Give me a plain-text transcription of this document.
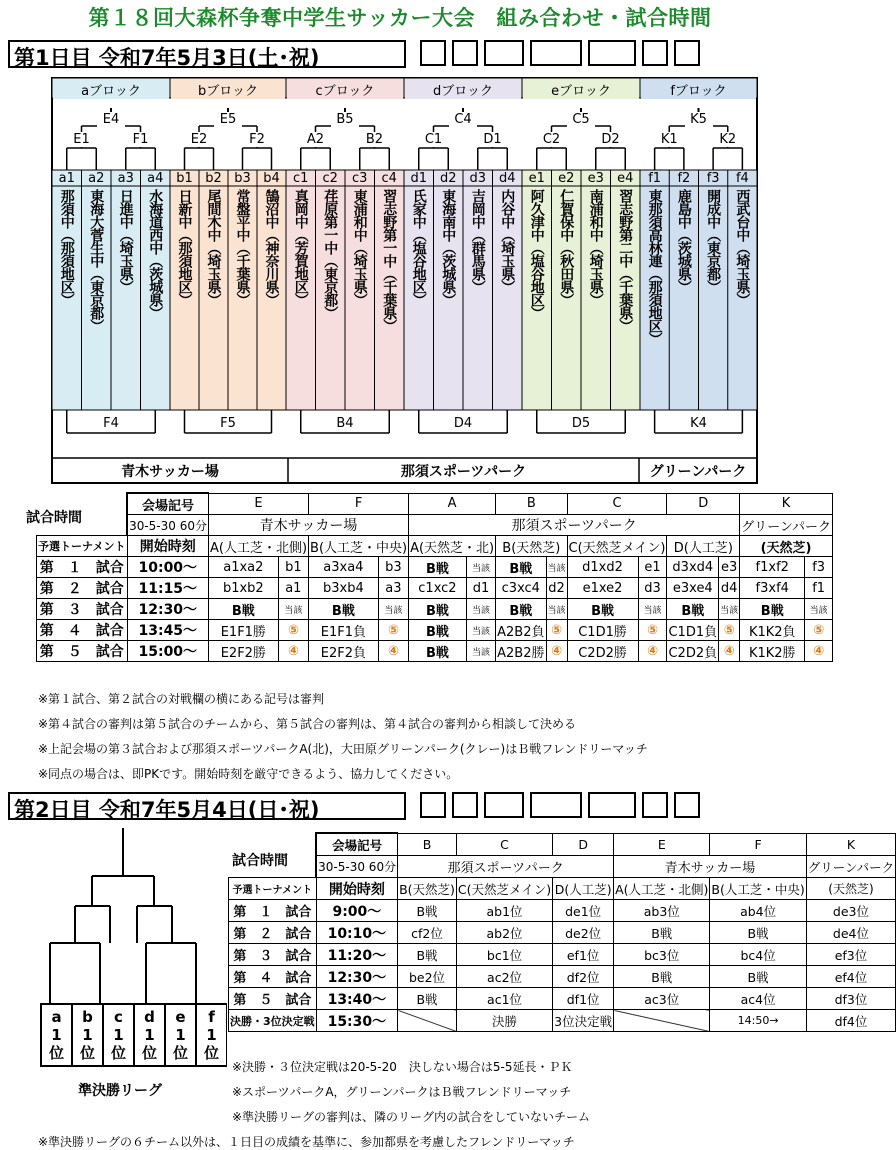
第１８回大森杯争奪中学生サッカー大会　組み合わせ・試合時間
第1日目 令和7年5月3日(土･祝)
aブロック
E4
E1	F1
F4
a1
那須中（那須地区）
a2
東海大菅生中（東京都）
a3
日進中（埼玉県）
a4
水海道西中（茨城県）
bブロック
E5
E2	F2
F5
b1
日新中（那須地区）
b2
尾間木中（埼玉県）
b3
常盤平中（千葉県）
b4
鵠沼中（神奈川県）
cブロック
B5
A2	B2
B4
c1
真岡中（芳賀地区）
c2
荏原第一中（東京都）
c3
東浦和中（埼玉県）
c4
習志野第一中（千葉県）
dブロック
C4
C1	D1
D4
d1
氏家中（塩谷地区）
d2
東海南中（茨城県）
d3
吉岡中（群馬県）
d4
内谷中（埼玉県）
eブロック
C5
C2	D2
D5
e1
阿久津中（塩谷地区）
e2
仁賀保中（秋田県）
e3
南浦和中（埼玉県）
e4
習志野第二中（千葉県）
fブロック
K5
K1	K2
K4
f1
東那須高林連（那須地区）
f2
鹿島中（茨城県）
f3
開成中（東京都）
f4
西武台中（埼玉県）
青木サッカー場	那須スポーツパーク	グリーンパーク
試合時間
	会場記号	E		F		A		B		C		D		K	
	30-5-30 60分	青木サッカー場				那須スポーツパーク								グリーンパーク	
予選トーナメント	開始時刻	A(人工芝・北側)		B(人工芝・中央)		A(天然芝・北)		B(天然芝)		C(天然芝メイン)		D(人工芝)		(天然芝)	
第　１　試合	10:00～	a1xa2	b1	a3xa4	b3	B戦	当該	B戦	当該	d1xd2	e1	d3xd4	e3	f1xf2	f3
第　２　試合	11:15～	b1xb2	a1	b3xb4	a3	c1xc2	d1	c3xc4	d2	e1xe2	d3	e3xe4	d4	f3xf4	f1
第　３　試合	12:30～	B戦	当該	B戦	当該	B戦	当該	B戦	当該	B戦	当該	B戦	当該	B戦	当該
第　４　試合	13:45～	E1F1勝	⑤	E1F1負	⑤	B戦	当該	A2B2負	⑤	C1D1勝	⑤	C1D1負	⑤	K1K2負	⑤
第　５　試合	15:00～	E2F2勝	④	E2F2負	④	B戦	当該	A2B2勝	④	C2D2勝	④	C2D2負	④	K1K2勝	④
※第１試合、第２試合の対戦欄の横にある記号は審判
※第４試合の審判は第５試合のチームから、第５試合の審判は、第４試合の審判から相談して決める
※上記会場の第３試合および那須スポーツパークA(北)，大田原グリーンパーク(クレー)はＢ戦フレンドリーマッチ
※同点の場合は、即PKです。開始時刻を厳守できるよう、協力してください。
第2日目 令和7年5月4日(日･祝)
a
1
位
b
1
位
c
1
位
d
1
位
e
1
位
f
1
位
準決勝リーグ
試合時間
	会場記号	B	C	D	E	F	K
	30-5-30 60分	那須スポーツパーク			青木サッカー場		グリーンパーク
予選トーナメント	開始時刻	B(天然芝)	C(天然芝メイン)	D(人工芝)	A(人工芝・北側)	B(人工芝・中央)	(天然芝)
第　１　試合	9:00～	B戦	ab1位	de1位	ab3位	ab4位	de3位
第　２　試合	10:10～	cf2位	ab2位	de2位	B戦	B戦	de4位
第　３　試合	11:20～	B戦	bc1位	ef1位	bc3位	bc4位	ef3位
第　４　試合	12:30～	be2位	ac2位	df2位	B戦	B戦	ef4位
第　５　試合	13:40～	B戦	ac1位	df1位	ac3位	ac4位	df3位
決勝・3位決定戦	15:30～		決勝	3位決定戦		14:50→	df4位
※決勝・３位決定戦は20-5-20　決しない場合は5-5延長・ＰＫ
※スポーツパークA，グリーンパークはＢ戦フレンドリーマッチ
※準決勝リーグの審判は、隣のリーグ内の試合をしていないチーム
※準決勝リーグの６チーム以外は、１日目の成績を基準に、参加都県を考慮したフレンドリーマッチ
